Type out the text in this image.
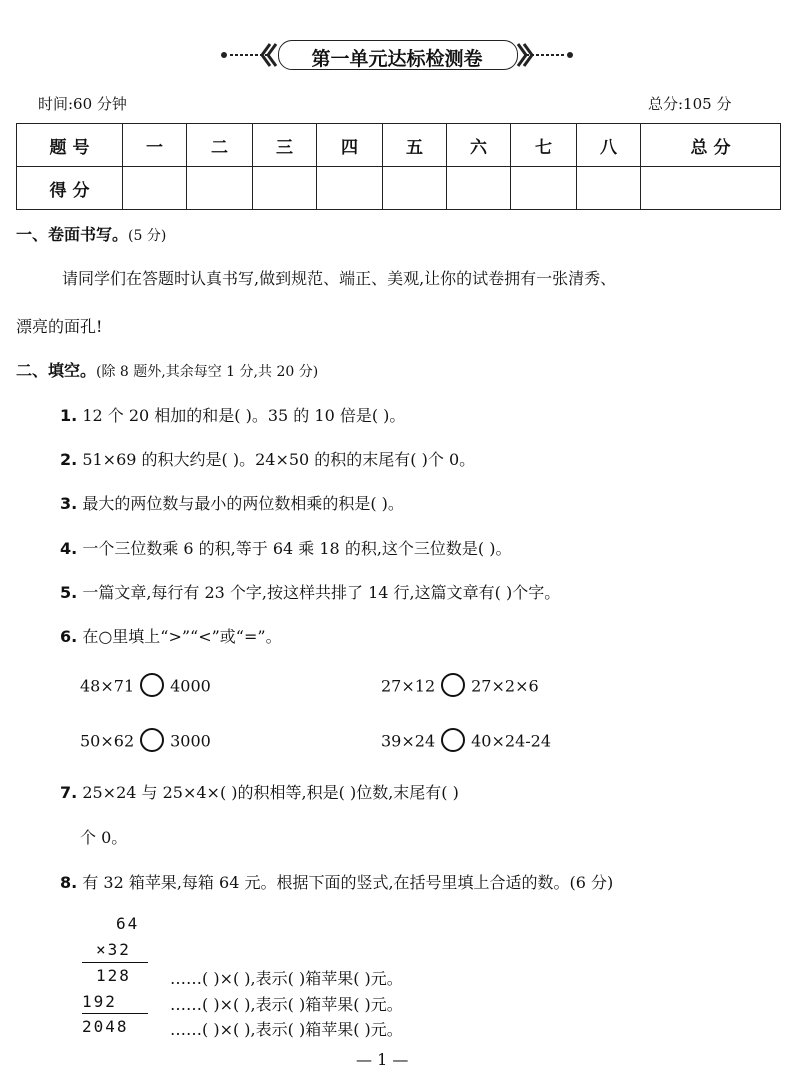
第一单元达标检测卷
时间:60 分钟	总分:105 分
题 号	一	二	三	四	五	六	七	八	总 分
得 分									
一、卷面书写。(5 分)
请同学们在答题时认真书写,做到规范、端正、美观,让你的试卷拥有一张清秀、
漂亮的面孔!
二、填空。(除 8 题外,其余每空 1 分,共 20 分)
1. 12 个 20 相加的和是( )。35 的 10 倍是( )。
2. 51×69 的积大约是( )。24×50 的积的末尾有( )个 0。
3. 最大的两位数与最小的两位数相乘的积是( )。
4. 一个三位数乘 6 的积,等于 64 乘 18 的积,这个三位数是( )。
5. 一篇文章,每行有 23 个字,按这样共排了 14 行,这篇文章有( )个字。
6. 在○里填上“>”“<”或“=”。
48×71 4000	27×12 27×2×6
50×62 3000	39×24 40×24-24
7. 25×24 与 25×4×( )的积相等,积是( )位数,末尾有( )
个 0。
8. 有 32 箱苹果,每箱 64 元。根据下面的竖式,在括号里填上合适的数。(6 分)
64
×32
128
192
2048
……( )×( ),表示( )箱苹果( )元。
……( )×( ),表示( )箱苹果( )元。
……( )×( ),表示( )箱苹果( )元。
— 1 —
